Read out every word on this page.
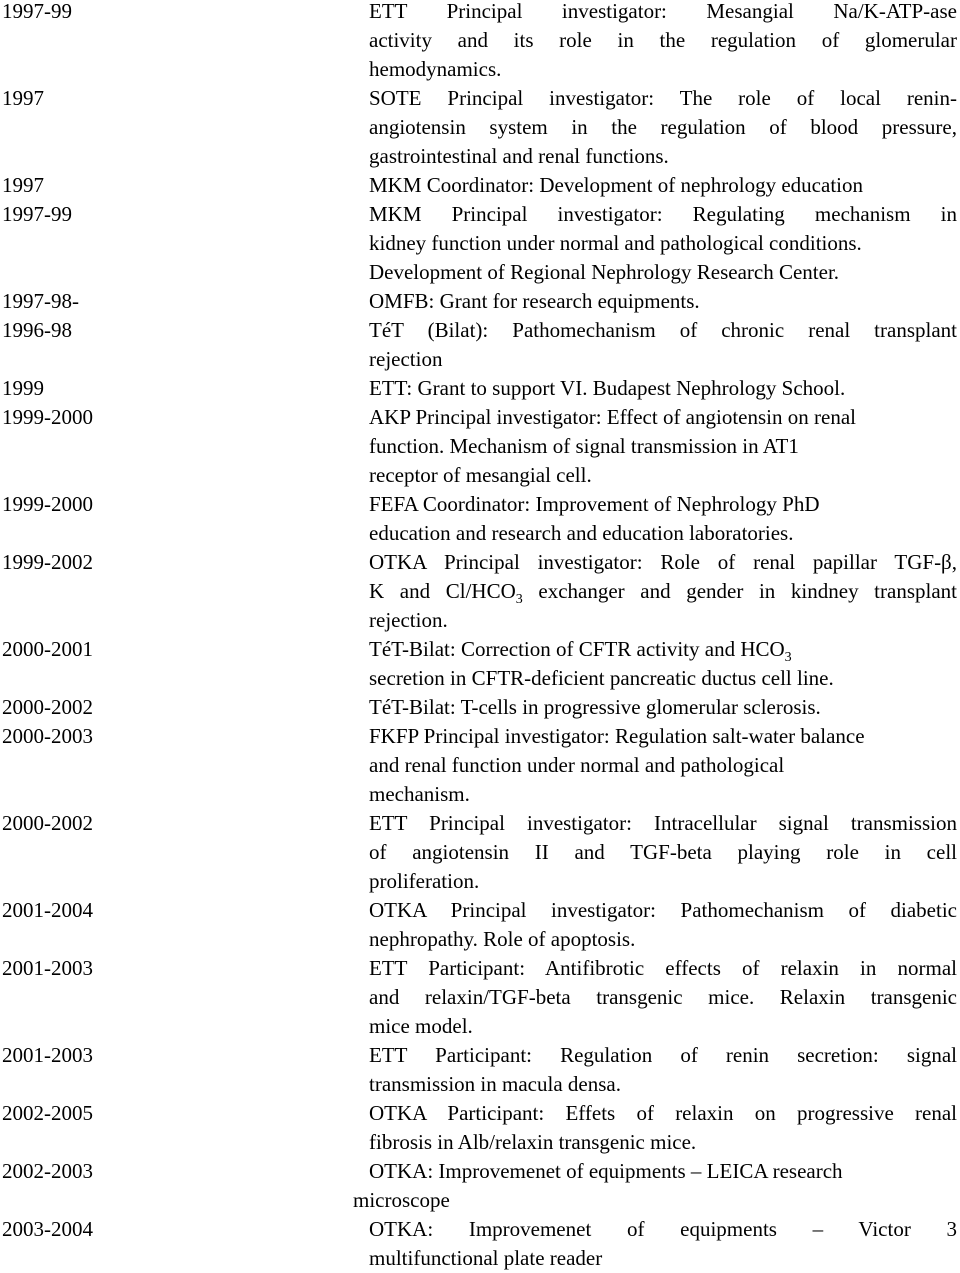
1997-99	ETT Principal investigator: Mesangial Na/K-ATP-ase
activity and its role in the regulation of glomerular
hemodynamics.
1997	SOTE Principal investigator: The role of local renin-
angiotensin system in the regulation of blood pressure,
gastrointestinal and renal functions.
1997	MKM Coordinator: Development of nephrology education
1997-99	MKM Principal investigator: Regulating mechanism in
kidney function under normal and pathological conditions.
Development of Regional Nephrology Research Center.
1997-98-	OMFB: Grant for research equipments.
1996-98	TéT (Bilat): Pathomechanism of chronic renal transplant
rejection
1999	ETT: Grant to support VI. Budapest Nephrology School.
1999-2000	AKP Principal investigator: Effect of angiotensin on renal
function. Mechanism of signal transmission in AT1
receptor of mesangial cell.
1999-2000	FEFA Coordinator: Improvement of Nephrology PhD
education and research and education laboratories.
1999-2002	OTKA Principal investigator: Role of renal papillar TGF-β,
K and $Cl/HCO_3$ exchanger and gender in kindney transplant
rejection.
2000-2001	TéT-Bilat: Correction of CFTR activity and $HCO_3$
secretion in CFTR-deficient pancreatic ductus cell line.
2000-2002	TéT-Bilat: T-cells in progressive glomerular sclerosis.
2000-2003	FKFP Principal investigator: Regulation salt-water balance
and renal function under normal and pathological
mechanism.
2000-2002	ETT Principal investigator: Intracellular signal transmission
of angiotensin II and TGF-beta playing role in cell
proliferation.
2001-2004	OTKA Principal investigator: Pathomechanism of diabetic
nephropathy. Role of apoptosis.
2001-2003	ETT Participant: Antifibrotic effects of relaxin in normal
and relaxin/TGF-beta transgenic mice. Relaxin transgenic
mice model.
2001-2003	ETT Participant: Regulation of renin secretion: signal
transmission in macula densa.
2002-2005	OTKA Participant: Effets of relaxin on progressive renal
fibrosis in Alb/relaxin transgenic mice.
2002-2003	OTKA: Improvemenet of equipments – LEICA research
microscope
2003-2004	OTKA: Improvemenet of equipments – Victor 3
multifunctional plate reader
